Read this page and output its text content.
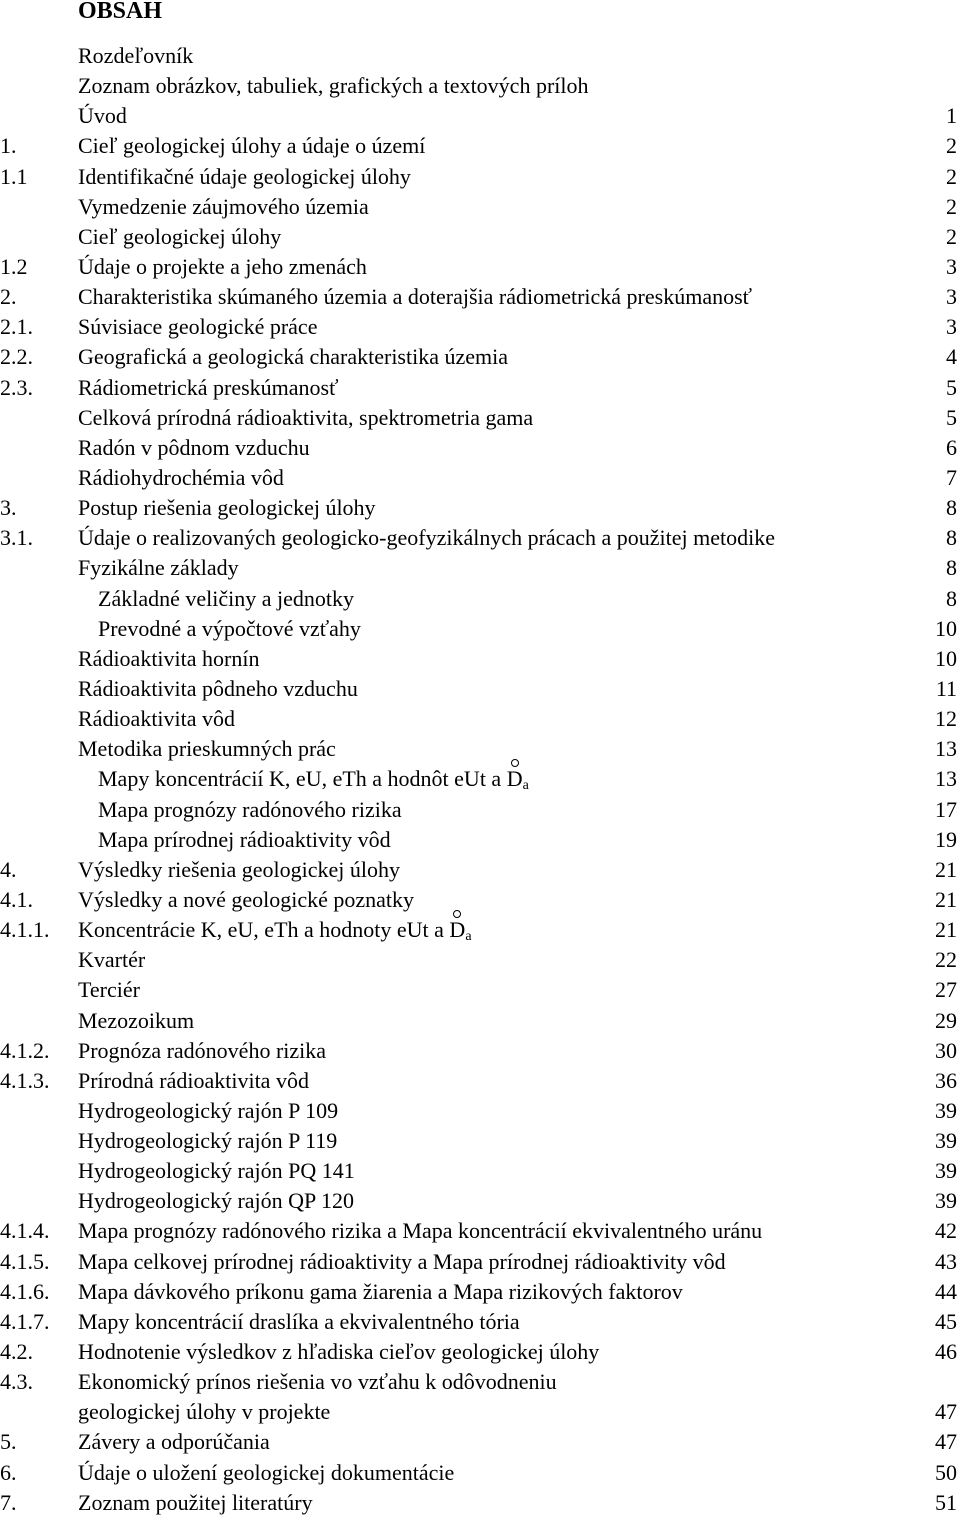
OBSAH
Rozdeľovník
Zoznam obrázkov, tabuliek, grafických a textových príloh
Úvod	1
1.	Cieľ geologickej úlohy a údaje o území	2
1.1 Identifikačné údaje geologickej úlohy	2
Vymedzenie záujmového územia	2
Cieľ geologickej úlohy	2
1.2 Údaje o projekte a jeho zmenách	3
2.	Charakteristika skúmaného územia a doterajšia rádiometrická preskúmanosť	3
2.1. Súvisiace geologické práce	3
2.2. Geografická a geologická charakteristika územia	4
2.3. Rádiometrická preskúmanosť	5
Celková prírodná rádioaktivita, spektrometria gama	5
Radón v pôdnom vzduchu	6
Rádiohydrochémia vôd	7
3.	Postup riešenia geologickej úlohy	8
3.1. Údaje o realizovaných geologicko-geofyzikálnych prácach a použitej metodike	8
Fyzikálne základy	8
Základné veličiny a jednotky	8
Prevodné a výpočtové vzťahy	10
Rádioaktivita hornín	10
Rádioaktivita pôdneho vzduchu	11
Rádioaktivita vôd	12
Metodika prieskumných prác	13
Mapy koncentrácií K, eU, eTh a hodnôt eUt a $D_a$	13
Mapa prognózy radónového rizika	17
Mapa prírodnej rádioaktivity vôd	19
4.	Výsledky riešenia geologickej úlohy	21
4.1. Výsledky a nové geologické poznatky	21
4.1.1. Koncentrácie K, eU, eTh a hodnoty eUt a $D_a$	21
Kvartér	22
Terciér	27
Mezozoikum	29
4.1.2. Prognóza radónového rizika	30
4.1.3. Prírodná rádioaktivita vôd	36
Hydrogeologický rajón P 109	39
Hydrogeologický rajón P 119	39
Hydrogeologický rajón PQ 141	39
Hydrogeologický rajón QP 120	39
4.1.4. Mapa prognózy radónového rizika a Mapa koncentrácií ekvivalentného uránu	42
4.1.5. Mapa celkovej prírodnej rádioaktivity a Mapa prírodnej rádioaktivity vôd	43
4.1.6. Mapa dávkového príkonu gama žiarenia a Mapa rizikových faktorov	44
4.1.7. Mapy koncentrácií draslíka a ekvivalentného tória	45
4.2. Hodnotenie výsledkov z hľadiska cieľov geologickej úlohy	46
4.3. Ekonomický prínos riešenia vo vzťahu k odôvodneniu
geologickej úlohy v projekte	47
5.	Závery a odporúčania	47
6.	Údaje o uložení geologickej dokumentácie	50
7.	Zoznam použitej literatúry	51
